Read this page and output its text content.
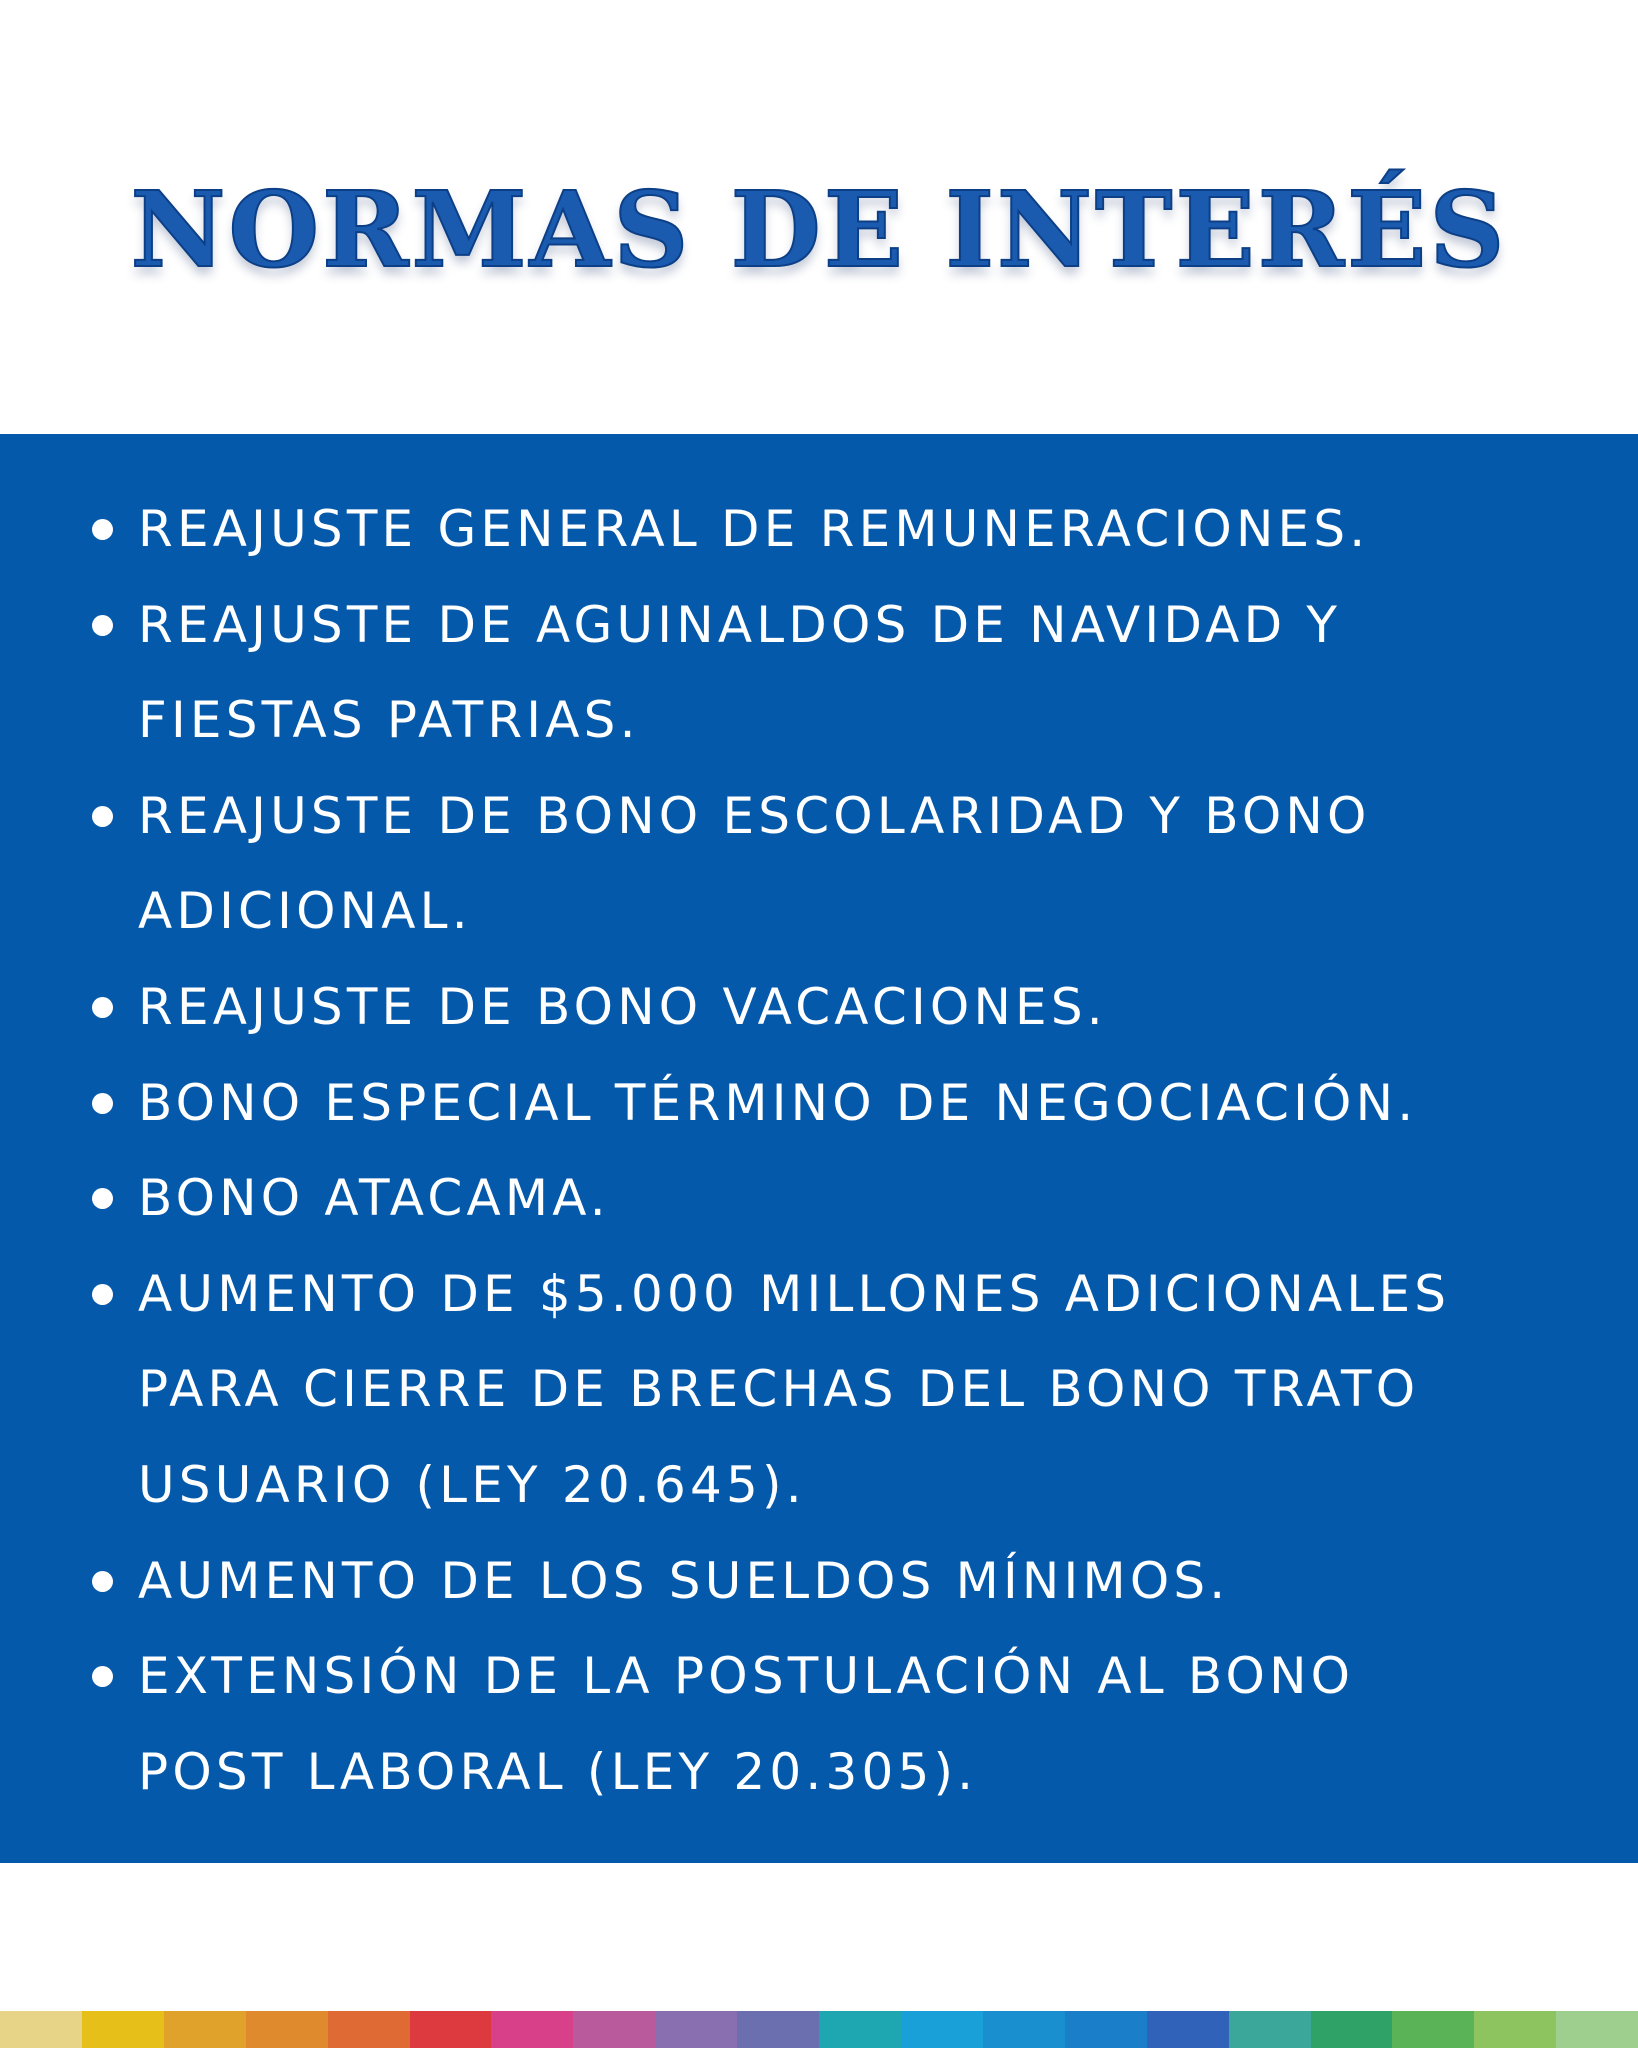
NORMAS DE INTERÉS
REAJUSTE GENERAL DE REMUNERACIONES.
REAJUSTE DE AGUINALDOS DE NAVIDAD Y
FIESTAS PATRIAS.
REAJUSTE DE BONO ESCOLARIDAD Y BONO
ADICIONAL.
REAJUSTE DE BONO VACACIONES.
BONO ESPECIAL TÉRMINO DE NEGOCIACIÓN.
BONO ATACAMA.
AUMENTO DE $5.000 MILLONES ADICIONALES
PARA CIERRE DE BRECHAS DEL BONO TRATO
USUARIO (LEY 20.645).
AUMENTO DE LOS SUELDOS MÍNIMOS.
EXTENSIÓN DE LA POSTULACIÓN AL BONO
POST LABORAL (LEY 20.305).
